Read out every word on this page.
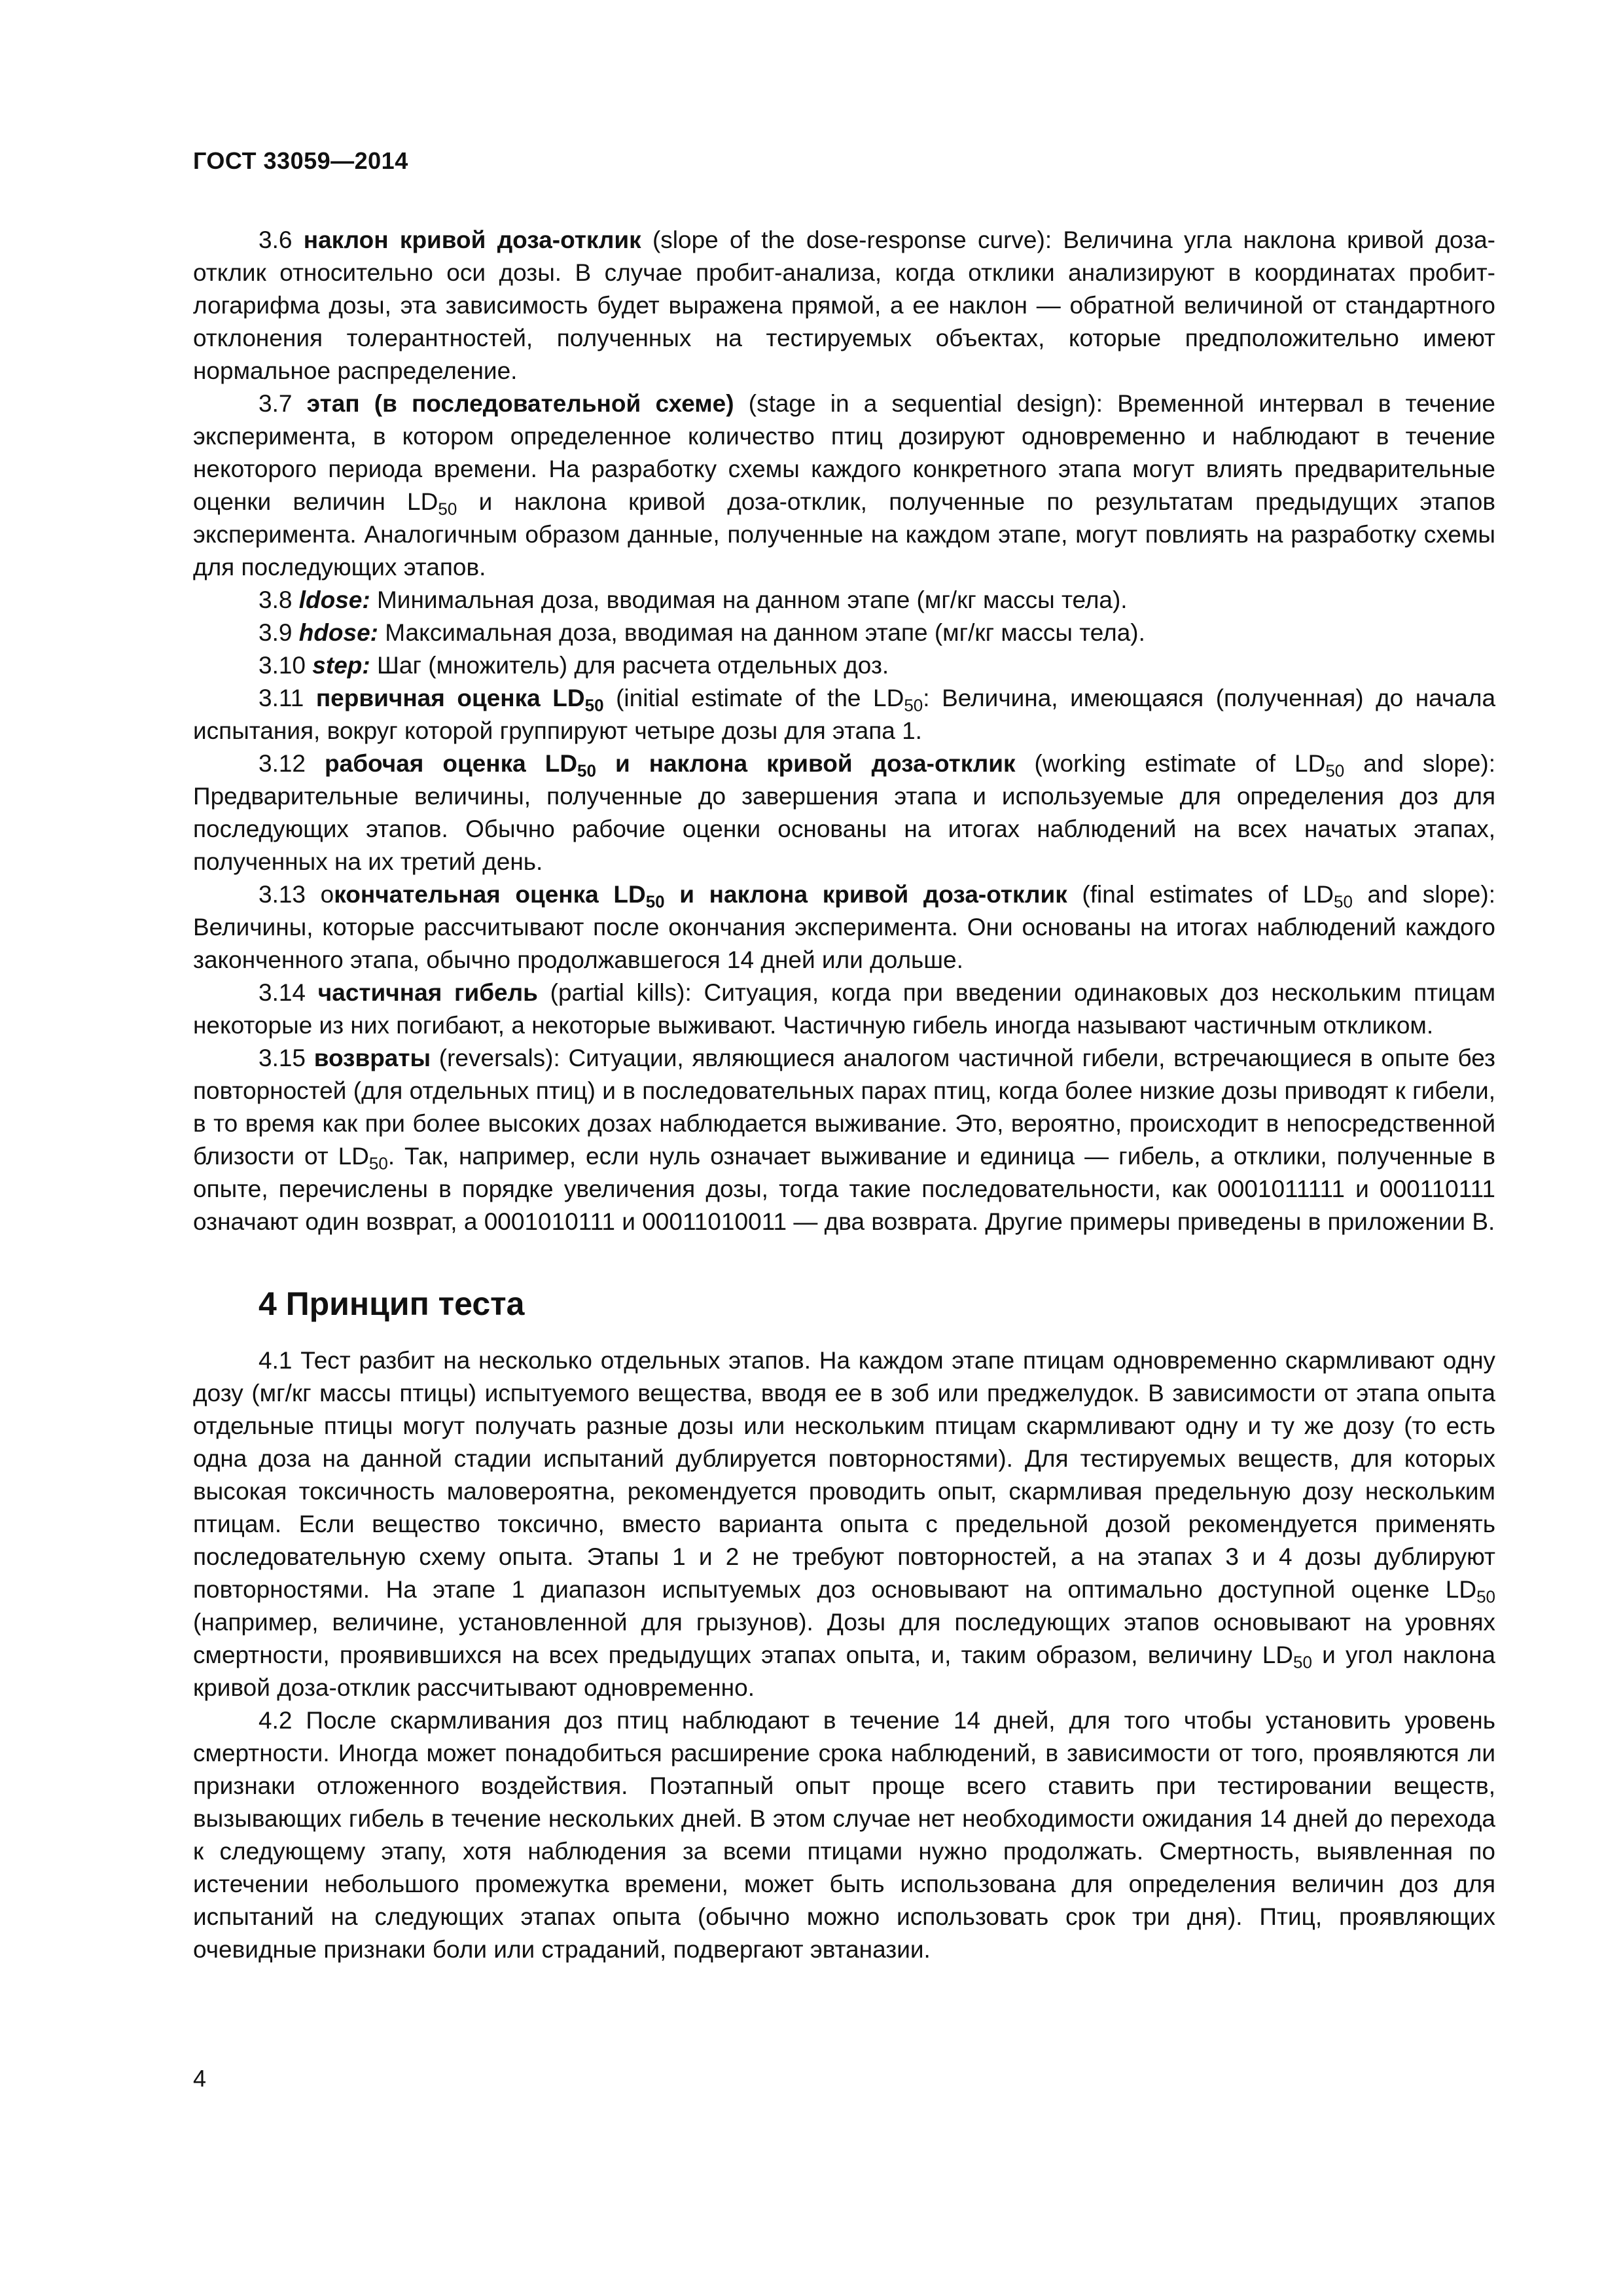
ГОСТ 33059—2014

3.6 наклон кривой доза-отклик (slope of the dose-response curve): Величина угла наклона кривой доза-отклик относительно оси дозы. В случае пробит-анализа, когда отклики анализируют в координатах пробит-логарифма дозы, эта зависимость будет выражена прямой, а ее наклон — обратной величиной от стандартного отклонения толерантностей, полученных на тестируемых объектах, которые предположительно имеют нормальное распределение.

3.7 этап (в последовательной схеме) (stage in a sequential design): Временной интервал в течение эксперимента, в котором определенное количество птиц дозируют одновременно и наблюдают в течение некоторого периода времени. На разработку схемы каждого конкретного этапа могут влиять предварительные оценки величин $LD_{50}$ и наклона кривой доза-отклик, полученные по результатам предыдущих этапов эксперимента. Аналогичным образом данные, полученные на каждом этапе, могут повлиять на разработку схемы для последующих этапов.

3.8 ldose: Минимальная доза, вводимая на данном этапе (мг/кг массы тела).

3.9 hdose: Максимальная доза, вводимая на данном этапе (мг/кг массы тела).

3.10 step: Шаг (множитель) для расчета отдельных доз.

3.11 первичная оценка $LD_{50}$ (initial estimate of the $LD_{50}$: Величина, имеющаяся (полученная) до начала испытания, вокруг которой группируют четыре дозы для этапа 1.

3.12 рабочая оценка $LD_{50}$ и наклона кривой доза-отклик (working estimate of $LD_{50}$ and slope): Предварительные величины, полученные до завершения этапа и используемые для определения доз для последующих этапов. Обычно рабочие оценки основаны на итогах наблюдений на всех начатых этапах, полученных на их третий день.

3.13 окончательная оценка $LD_{50}$ и наклона кривой доза-отклик (final estimates of $LD_{50}$ and slope): Величины, которые рассчитывают после окончания эксперимента. Они основаны на итогах наблюдений каждого законченного этапа, обычно продолжавшегося 14 дней или дольше.

3.14 частичная гибель (partial kills): Ситуация, когда при введении одинаковых доз нескольким птицам некоторые из них погибают, а некоторые выживают. Частичную гибель иногда называют частичным откликом.

3.15 возвраты (reversals): Ситуации, являющиеся аналогом частичной гибели, встречающиеся в опыте без повторностей (для отдельных птиц) и в последовательных парах птиц, когда более низкие дозы приводят к гибели, в то время как при более высоких дозах наблюдается выживание. Это, вероятно, происходит в непосредственной близости от $LD_{50}$. Так, например, если нуль означает выживание и единица — гибель, а отклики, полученные в опыте, перечислены в порядке увеличения дозы, тогда такие последовательности, как 0001011111 и 000110111 означают один возврат, а 0001010111 и 00011010011 — два возврата. Другие примеры приведены в приложении В.

4 Принцип теста

4.1 Тест разбит на несколько отдельных этапов. На каждом этапе птицам одновременно скармливают одну дозу (мг/кг массы птицы) испытуемого вещества, вводя ее в зоб или преджелудок. В зависимости от этапа опыта отдельные птицы могут получать разные дозы или нескольким птицам скармливают одну и ту же дозу (то есть одна доза на данной стадии испытаний дублируется повторностями). Для тестируемых веществ, для которых высокая токсичность маловероятна, рекомендуется проводить опыт, скармливая предельную дозу нескольким птицам. Если вещество токсично, вместо варианта опыта с предельной дозой рекомендуется применять последовательную схему опыта. Этапы 1 и 2 не требуют повторностей, а на этапах 3 и 4 дозы дублируют повторностями. На этапе 1 диапазон испытуемых доз основывают на оптимально доступной оценке $LD_{50}$ (например, величине, установленной для грызунов). Дозы для последующих этапов основывают на уровнях смертности, проявившихся на всех предыдущих этапах опыта, и, таким образом, величину $LD_{50}$ и угол наклона кривой доза-отклик рассчитывают одновременно.

4.2 После скармливания доз птиц наблюдают в течение 14 дней, для того чтобы установить уровень смертности. Иногда может понадобиться расширение срока наблюдений, в зависимости от того, проявляются ли признаки отложенного воздействия. Поэтапный опыт проще всего ставить при тестировании веществ, вызывающих гибель в течение нескольких дней. В этом случае нет необходимости ожидания 14 дней до перехода к следующему этапу, хотя наблюдения за всеми птицами нужно продолжать. Смертность, выявленная по истечении небольшого промежутка времени, может быть использована для определения величин доз для испытаний на следующих этапах опыта (обычно можно использовать срок три дня). Птиц, проявляющих очевидные признаки боли или страданий, подвергают эвтаназии.

4
